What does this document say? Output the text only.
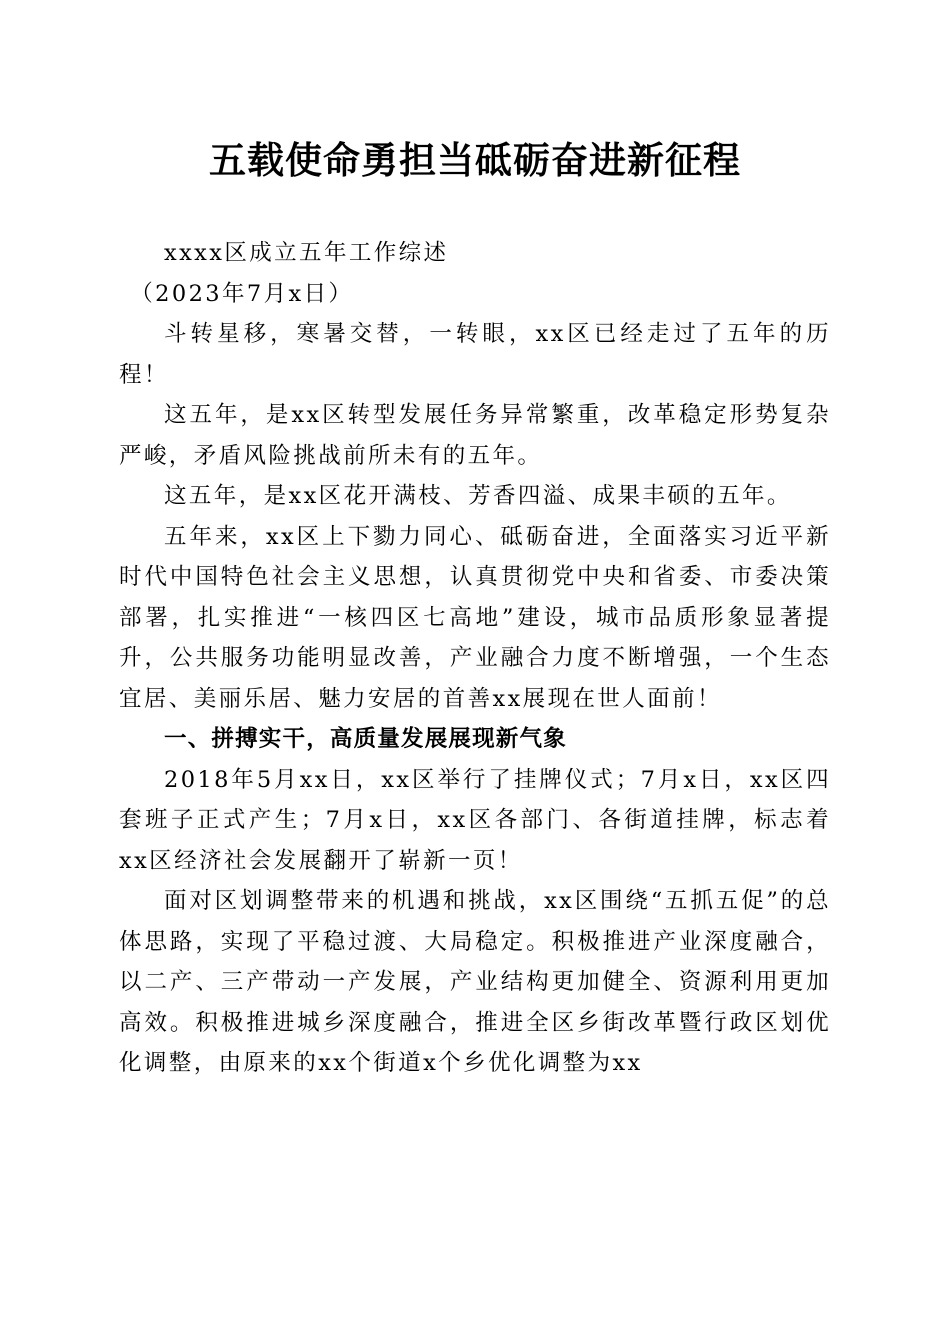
五载使命勇担当砥砺奋进新征程

xxxx区成立五年工作综述

（2023年7月x日）

斗转星移，寒暑交替，一转眼，xx区已经走过了五年的历程！

这五年，是xx区转型发展任务异常繁重，改革稳定形势复杂严峻，矛盾风险挑战前所未有的五年。

这五年，是xx区花开满枝、芳香四溢、成果丰硕的五年。

五年来，xx区上下勠力同心、砥砺奋进，全面落实习近平新时代中国特色社会主义思想，认真贯彻党中央和省委、市委决策部署，扎实推进“一核四区七高地”建设，城市品质形象显著提升，公共服务功能明显改善，产业融合力度不断增强，一个生态宜居、美丽乐居、魅力安居的首善xx展现在世人面前！

一、拼搏实干，高质量发展展现新气象

2018年5月xx日，xx区举行了挂牌仪式；7月x日，xx区四套班子正式产生；7月x日，xx区各部门、各街道挂牌，标志着xx区经济社会发展翻开了崭新一页！

面对区划调整带来的机遇和挑战，xx区围绕“五抓五促”的总体思路，实现了平稳过渡、大局稳定。积极推进产业深度融合，以二产、三产带动一产发展，产业结构更加健全、资源利用更加高效。积极推进城乡深度融合，推进全区乡街改革暨行政区划优化调整，由原来的xx个街道x个乡优化调整为xx
